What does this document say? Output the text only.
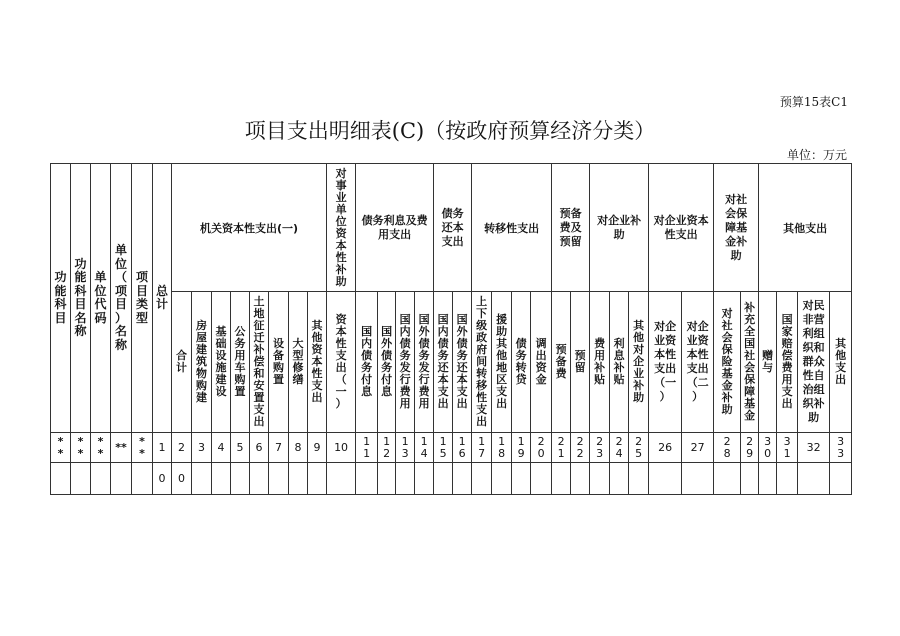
预算15表C1
项目支出明细表(C)（按政府预算经济分类）
单位：万元
功能科目	功能科目名称	单位代码	单位（项目）名称	项目类型	总计	机关资本性支出(一)								对事业单位资本性补助	债务利息及费用支出				债务还本支出		转移性支出				预备费及预留		对企业补助			对企业资本性支出		对社会保障基金补助		其他支出			
						合计	房屋建筑物购建	基础设施建设	公务用车购置	土地征迁补偿和安置支出	设备购置	大型修缮	其他资本性支出	资本性支出（一）	国内债务付息	国外债务付息	国内债务发行费用	国外债务发行费用	国内债务还本支出	国外债务还本支出	上下级政府间转移性支出	援助其他地区支出	债务转贷	调出资金	预备费	预留	费用补贴	利息补贴	其他对企业补助	对企业资本性支出（一）	对企业资本性支出（二）	对社会保险基金补助	补充全国社会保障基金	赠与	国家赔偿费用支出	对民非营利组织和群众性自治组织补助	其他支出
**	**	**	**	**	1	2	3	4	5	6	7	8	9	10	11	12	13	14	15	16	17	18	19	20	21	22	23	24	25	26	27	28	29	30	31	32	33
					0	0																															
